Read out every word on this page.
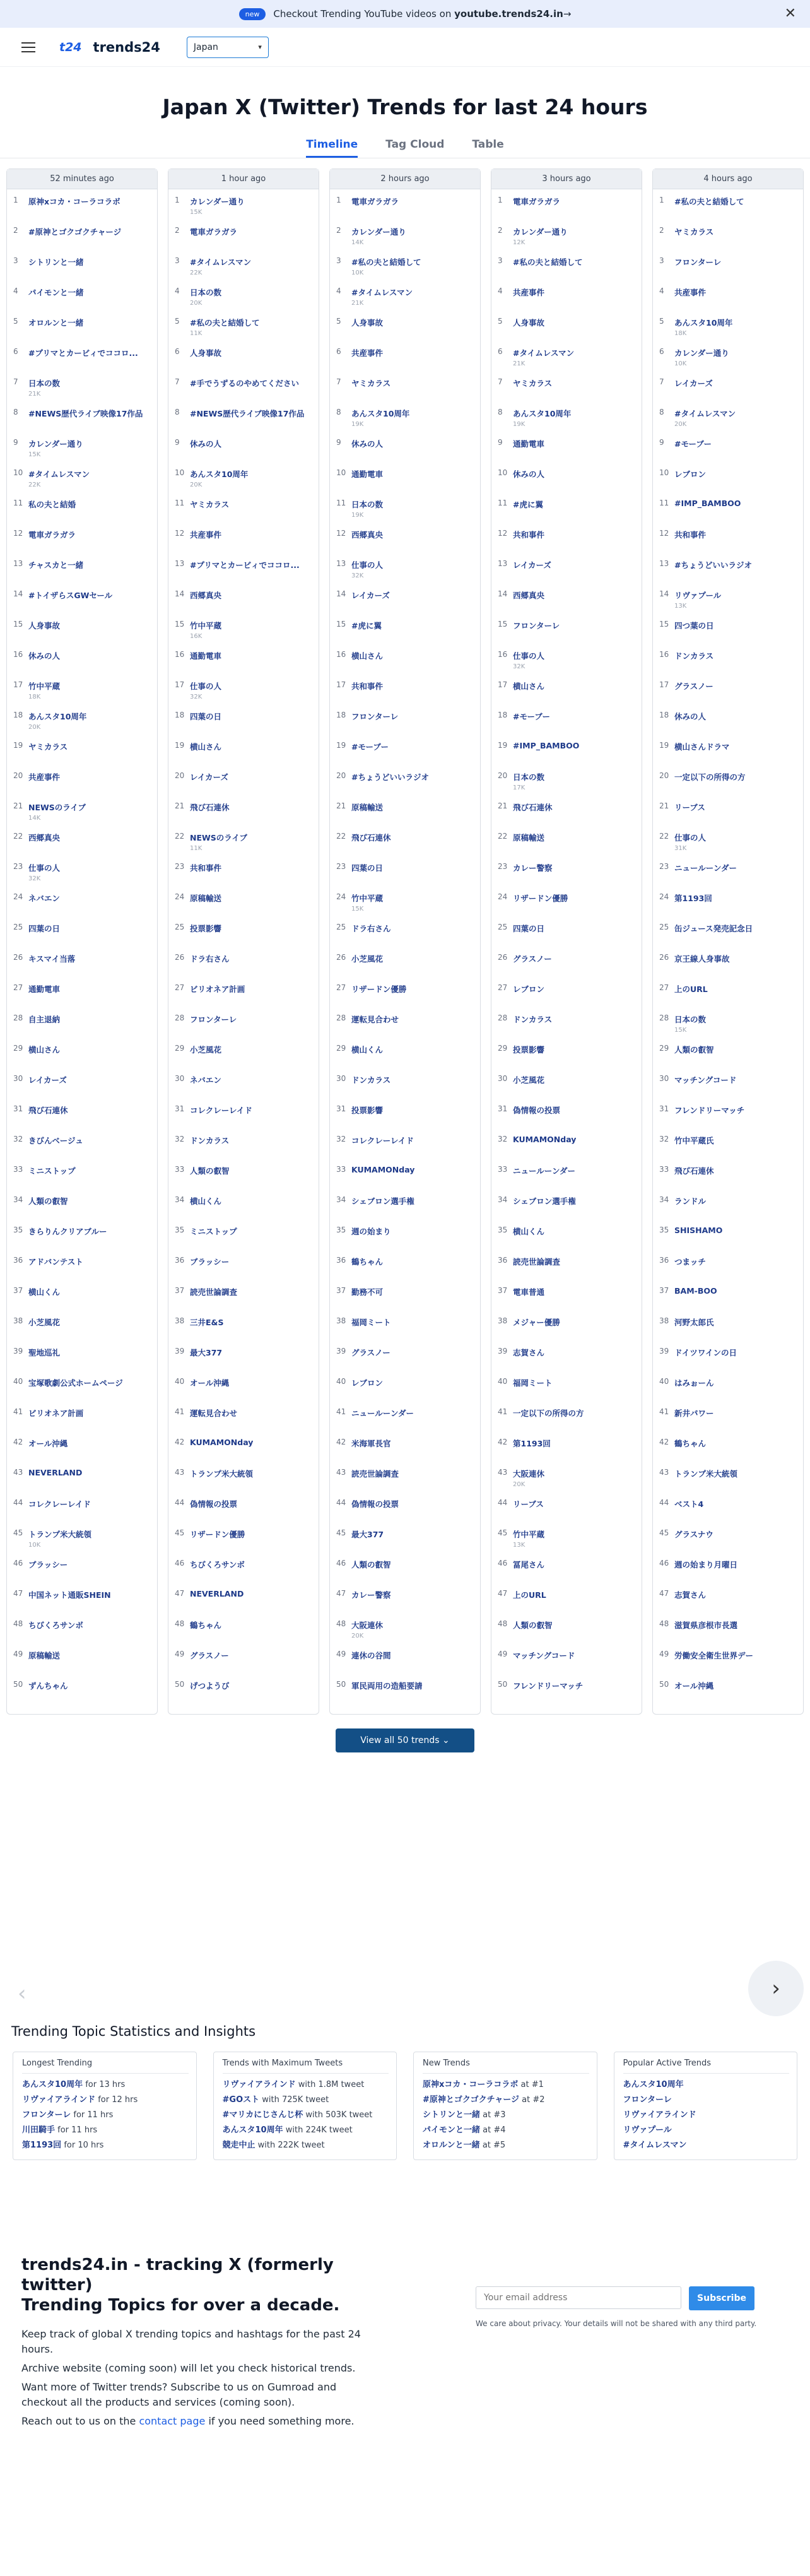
new	Checkout Trending YouTube videos on
youtube.trends24.in →	✕
t24 trends24	Japan	▾
Japan X (Twitter) Trends for last 24 hours
Timeline	Tag Cloud	Table
52 minutes ago
1	原神xコカ・コーラコラボ
2	#原神とゴクゴクチャージ
3	シトリンと一緒
4	パイモンと一緒
5	オロルンと一緒
6	#プリマとカービィでココロ...
7	日本の数
21K
8	#NEWS歴代ライブ映像17作品
9	カレンダー通り
15K
10 #タイムレスマン
22K
11 私の夫と結婚
12 電車ガラガラ
13 チャスカと一緒
14 #トイザらスGWセール
15 人身事故
16 休みの人
17 竹中平蔵
18K
18 あんスタ10周年
20K
19 ヤミカラス
20 共産事件
21 NEWSのライブ
14K
22 西郷真央
23 仕事の人
32K
24 ネバエン
25 四葉の日
26 キスマイ当落
27 通勤電車
28 自主退納
29 横山さん
30 レイカーズ
31 飛び石連休
32 きびんベージュ
33 ミニストップ
34 人類の叡智
35 きらりんクリアブルー
36 アドバンテスト
37 横山くん
38 小芝風花
39 聖地巡礼
40 宝塚歌劇公式ホームページ
41 ビリオネア計画
42 オール沖縄
43 NEVERLAND
44 コレクレーレイド
45 トランプ米大統領
10K
46 ブラッシー
47 中国ネット通販SHEIN
48 ちびくろサンボ
49 原稿輸送
50 ずんちゃん
1 hour ago
1	カレンダー通り
15K
2	電車ガラガラ
3	#タイムレスマン
22K
4	日本の数
20K
5	#私の夫と結婚して
11K
6	人身事故
7	#手でうずるのやめてください
8	#NEWS歴代ライブ映像17作品
9	休みの人
10 あんスタ10周年
20K
11 ヤミカラス
12 共産事件
13 #プリマとカービィでココロ...
14 西郷真央
15 竹中平蔵
16K
16 通勤電車
17 仕事の人
32K
18 四葉の日
19 横山さん
20 レイカーズ
21 飛び石連休
22 NEWSのライブ
11K
23 共和事件
24 原稿輸送
25 投票影響
26 ドラ右さん
27 ビリオネア計画
28 フロンターレ
29 小芝風花
30 ネバエン
31 コレクレーレイド
32 ドンカラス
33 人類の叡智
34 横山くん
35 ミニストップ
36 ブラッシー
37 読売世論調査
38 三井E&S
39 最大377
40 オール沖縄
41 運転見合わせ
42 KUMAMONday
43 トランプ米大統領
44 偽情報の投票
45 リザードン優勝
46 ちびくろサンボ
47 NEVERLAND
48 鶴ちゃん
49 グラスノー
50 げつようび
2 hours ago
1	電車ガラガラ
2	カレンダー通り
14K
3	#私の夫と結婚して
10K
4	#タイムレスマン
21K
5	人身事故
6	共産事件
7	ヤミカラス
8	あんスタ10周年
19K
9	休みの人
10 通勤電車
11 日本の数
19K
12 西郷真央
13 仕事の人
32K
14 レイカーズ
15 #虎に翼
16 横山さん
17 共和事件
18 フロンターレ
19 #モーブー
20 #ちょうどいいラジオ
21 原稿輸送
22 飛び石連休
23 四葉の日
24 竹中平蔵
15K
25 ドラ右さん
26 小芝風花
27 リザードン優勝
28 運転見合わせ
29 横山くん
30 ドンカラス
31 投票影響
32 コレクレーレイド
33 KUMAMONday
34 シェブロン選手権
35 週の始まり
36 鶴ちゃん
37 勤務不可
38 福岡ミート
39 グラスノー
40 レブロン
41 ニュールーンダー
42 米海軍長官
43 読売世論調査
44 偽情報の投票
45 最大377
46 人類の叡智
47 カレー警察
48 大阪連休
20K
49 連休の谷間
50 軍民両用の造船要請
3 hours ago
1	電車ガラガラ
2	カレンダー通り
12K
3	#私の夫と結婚して
4	共産事件
5	人身事故
6	#タイムレスマン
21K
7	ヤミカラス
8	あんスタ10周年
19K
9	通勤電車
10 休みの人
11 #虎に翼
12 共和事件
13 レイカーズ
14 西郷真央
15 フロンターレ
16 仕事の人
32K
17 横山さん
18 #モーブー
19 #IMP_BAMBOO
20 日本の数
17K
21 飛び石連休
22 原稿輸送
23 カレー警察
24 リザードン優勝
25 四葉の日
26 グラスノー
27 レブロン
28 ドンカラス
29 投票影響
30 小芝風花
31 偽情報の投票
32 KUMAMONday
33 ニュールーンダー
34 シェブロン選手権
35 横山くん
36 読売世論調査
37 電車普通
38 メジャー優勝
39 志賀さん
40 福岡ミート
41 一定以下の所得の方
42 第1193回
43 大阪連休
20K
44 リーブス
45 竹中平蔵
13K
46 冨尾さん
47 上のURL
48 人類の叡智
49 マッチングコード
50 フレンドリーマッチ
4 hours ago
1	#私の夫と結婚して
2	ヤミカラス
3	フロンターレ
4	共産事件
5	あんスタ10周年
18K
6	カレンダー通り
10K
7	レイカーズ
8	#タイムレスマン
20K
9	#モーブー
10 レブロン
11 #IMP_BAMBOO
12 共和事件
13 #ちょうどいいラジオ
14 リヴァプール
13K
15 四つ葉の日
16 ドンカラス
17 グラスノー
18 休みの人
19 横山さんドラマ
20 一定以下の所得の方
21 リーブス
22 仕事の人
31K
23 ニュールーンダー
24 第1193回
25 缶ジュース発売記念日
26 京王線人身事故
27 上のURL
28 日本の数
15K
29 人類の叡智
30 マッチングコード
31 フレンドリーマッチ
32 竹中平蔵氏
33 飛び石連休
34 ランドル
35 SHISHAMO
36 つまッチ
37 BAM-BOO
38 河野太郎氏
39 ドイツワインの日
40 はみぉーん
41 新井パワー
42 鶴ちゃん
43 トランプ米大統領
44 ベスト4
45 グラスナウ
46 週の始まり月曜日
47 志賀さん
48 滋賀県彦根市長選
49 労働安全衛生世界デー
50 オール沖縄
View all 50 trends ⌄
‹	›
Trending Topic Statistics and Insights
Longest Trending
あんスタ10周年 for 13 hrs
リヴァイアラインド for 12 hrs
フロンターレ for 11 hrs
川田騎手 for 11 hrs
第1193回 for 10 hrs
Trends with Maximum Tweets
リヴァイアラインド with 1.8M tweet
#GOスト with 725K tweet
#マリカにじさんじ杯 with 503K tweet
あんスタ10周年 with 224K tweet
競走中止 with 222K tweet
New Trends
原神xコカ・コーラコラボ at #1
#原神とゴクゴクチャージ at #2
シトリンと一緒 at #3
パイモンと一緒 at #4
オロルンと一緒 at #5
Popular Active Trends
あんスタ10周年
フロンターレ
リヴァイアラインド
リヴァプール
#タイムレスマン
trends24.in - tracking X (formerly twitter)
Trending Topics for over a decade.

Keep track of global X trending topics and hashtags for the past 24 hours.

Archive website (coming soon) will let you check historical trends.

Want more of Twitter trends? Subscribe to us on Gumroad and checkout all the products and services (coming soon).

Reach out to us on the contact page if you need something more.

Your email address
Subscribe
We care about privacy. Your details will not be shared with any third party.
